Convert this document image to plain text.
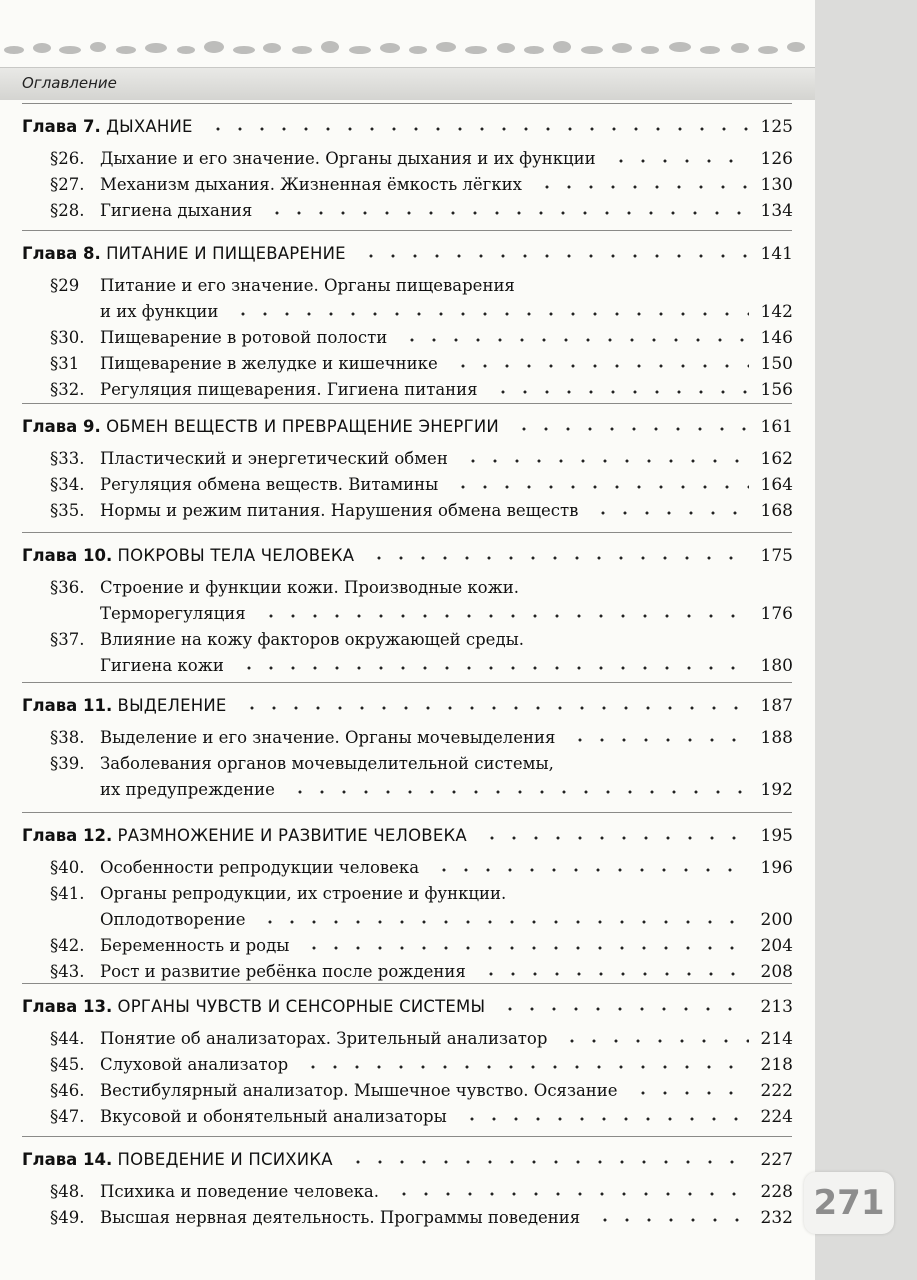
Оглавление
Глава 7. ДЫХАНИЕ	125
§26. Дыхание и его значение. Органы дыхания и их функции	126
§27. Механизм дыхания. Жизненная ёмкость лёгких	130
§28. Гигиена дыхания	134
Глава 8. ПИТАНИЕ И ПИЩЕВАРЕНИЕ	141
§29 Питание и его значение. Органы пищеварения
и их функции	142
§30. Пищеварение в ротовой полости	146
§31 Пищеварение в желудке и кишечнике	150
§32. Регуляция пищеварения. Гигиена питания	156
Глава 9. ОБМЕН ВЕЩЕСТВ И ПРЕВРАЩЕНИЕ ЭНЕРГИИ	161
§33. Пластический и энергетический обмен	162
§34. Регуляция обмена веществ. Витамины	164
§35. Нормы и режим питания. Нарушения обмена веществ	168
Глава 10. ПОКРОВЫ ТЕЛА ЧЕЛОВЕКА	175
§36. Строение и функции кожи. Производные кожи.
Терморегуляция	176
§37. Влияние на кожу факторов окружающей среды.
Гигиена кожи	180
Глава 11. ВЫДЕЛЕНИЕ	187
§38. Выделение и его значение. Органы мочевыделения	188
§39. Заболевания органов мочевыделительной системы,
их предупреждение	192
Глава 12. РАЗМНОЖЕНИЕ И РАЗВИТИЕ ЧЕЛОВЕКА	195
§40. Особенности репродукции человека	196
§41. Органы репродукции, их строение и функции.
Оплодотворение	200
§42. Беременность и роды	204
§43. Рост и развитие ребёнка после рождения	208
Глава 13. ОРГАНЫ ЧУВСТВ И СЕНСОРНЫЕ СИСТЕМЫ	213
§44. Понятие об анализаторах. Зрительный анализатор	214
§45. Слуховой анализатор	218
§46. Вестибулярный анализатор. Мышечное чувство. Осязание	222
§47. Вкусовой и обонятельный анализаторы	224
Глава 14. ПОВЕДЕНИЕ И ПСИХИКА	227
§48. Психика и поведение человека.	228
§49. Высшая нервная деятельность. Программы поведения	232 271
